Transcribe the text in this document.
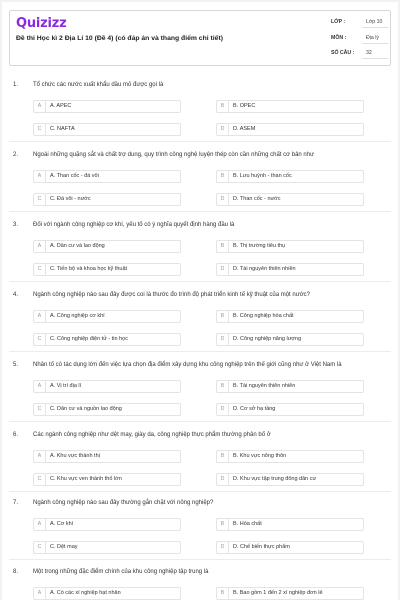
Quizizz
Đề thi Học kì 2 Địa Lí 10 (Đề 4) (có đáp án và thang điểm chi tiết)
LỚP :	Lớp 10
MÔN :	Địa lý
SỐ CÂU : 32
1. Tổ chức các nước xuất khẩu dầu mỏ được gọi là
A	A. APEC	B	B. OPEC
C	C. NAFTA	D	D. ASEM
2. Ngoài những quặng sắt và chất trợ dung, quy trình công nghệ luyện thép còn cần những chất cơ bản như
A	A. Than cốc - đá vôi	B	B. Lưu huỳnh - than cốc
C	C. Đá vôi - nước	D	D. Than cốc - nước
3. Đối với ngành công nghiệp cơ khí, yếu tố có ý nghĩa quyết định hàng đầu là
A	A. Dân cư và lao động	B	B. Thị trường tiêu thụ
C	C. Tiến bộ và khoa học kỹ thuật	D	D. Tài nguyên thiên nhiên
4. Ngành công nghiệp nào sau đây được coi là thước đo trình độ phát triển kinh tế kỹ thuật của một nước?
A	A. Công nghiệp cơ khí	B	B. Công nghiệp hóa chất
C	C. Công nghiệp điện tử - tin học	D	D. Công nghiệp năng lượng
5. Nhân tố có tác dụng lớn đến việc lựa chọn địa điểm xây dựng khu công nghiệp trên thế giới cũng như ở Việt Nam là
A	A. Vị trí địa lí	B	B. Tài nguyên thiên nhiên
C	C. Dân cư và nguồn lao động	D	D. Cơ sở hạ tầng
6. Các ngành công nghiệp như dệt may, giày da, công nghiệp thực phẩm thường phân bố ở
A	A. Khu vực thành thị	B	B. Khu vực nông thôn
C	C. Khu vực ven thành thố lớn	D	D. Khu vực tập trung đông dân cư
7. Ngành công nghiệp nào sau đây thường gắn chặt với nông nghiệp?
A	A. Cơ khí	B	B. Hóa chất
C	C. Dệt may	D	D. Chế biến thực phẩm
8. Một trong những đặc điểm chính của khu công nghiệp tập trung là
A	A. Có các xí nghiệp hạt nhân	B	B. Bao gồm 1 đến 2 xí nghiệp đơn lẻ
